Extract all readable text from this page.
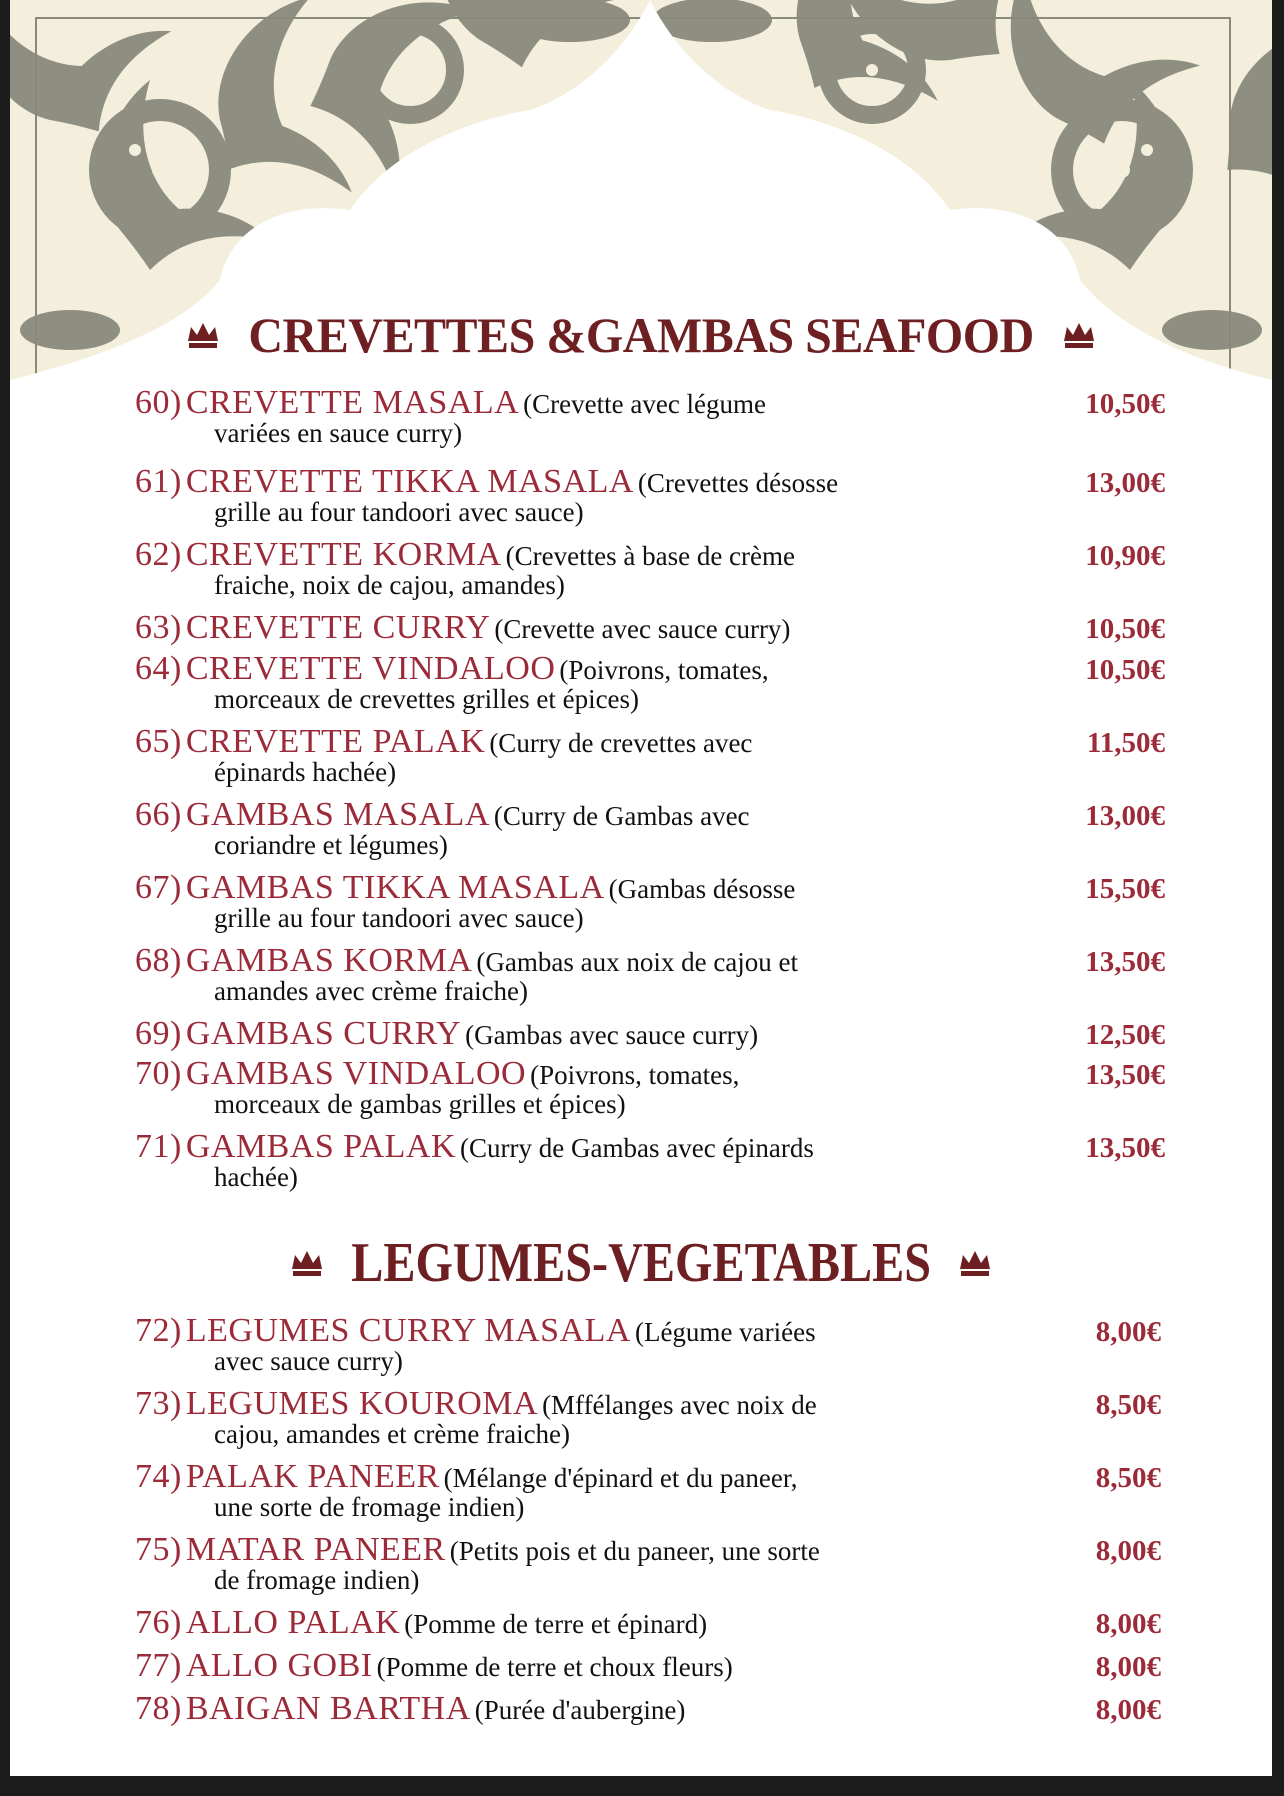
CREVETTES &GAMBAS SEAFOOD
60) CREVETTE MASALA (Crevette avec légume	10,50€
variées en sauce curry)
61) CREVETTE TIKKA MASALA (Crevettes désosse	13,00€
grille au four tandoori avec sauce)
62) CREVETTE KORMA (Crevettes à base de crème	10,90€
fraiche, noix de cajou, amandes)
63) CREVETTE CURRY (Crevette avec sauce curry)	10,50€
64) CREVETTE VINDALOO (Poivrons, tomates,	10,50€
morceaux de crevettes grilles et épices)
65) CREVETTE PALAK (Curry de crevettes avec	11,50€
épinards hachée)
66) GAMBAS MASALA (Curry de Gambas avec	13,00€
coriandre et légumes)
67) GAMBAS TIKKA MASALA (Gambas désosse	15,50€
grille au four tandoori avec sauce)
68) GAMBAS KORMA (Gambas aux noix de cajou et	13,50€
amandes avec crème fraiche)
69) GAMBAS CURRY (Gambas avec sauce curry)	12,50€
70) GAMBAS VINDALOO (Poivrons, tomates,	13,50€
morceaux de gambas grilles et épices)
71) GAMBAS PALAK (Curry de Gambas avec épinards	13,50€
hachée)
LEGUMES-VEGETABLES
72) LEGUMES CURRY MASALA (Légume variées	8,00€
avec sauce curry)
73) LEGUMES KOUROMA (Mffélanges avec noix de	8,50€
cajou, amandes et crème fraiche)
74) PALAK PANEER (Mélange d'épinard et du paneer,	8,50€
une sorte de fromage indien)
75) MATAR PANEER (Petits pois et du paneer, une sorte	8,00€
de fromage indien)
76) ALLO PALAK (Pomme de terre et épinard)	8,00€
77) ALLO GOBI (Pomme de terre et choux fleurs)	8,00€
78) BAIGAN BARTHA (Purée d'aubergine)	8,00€
